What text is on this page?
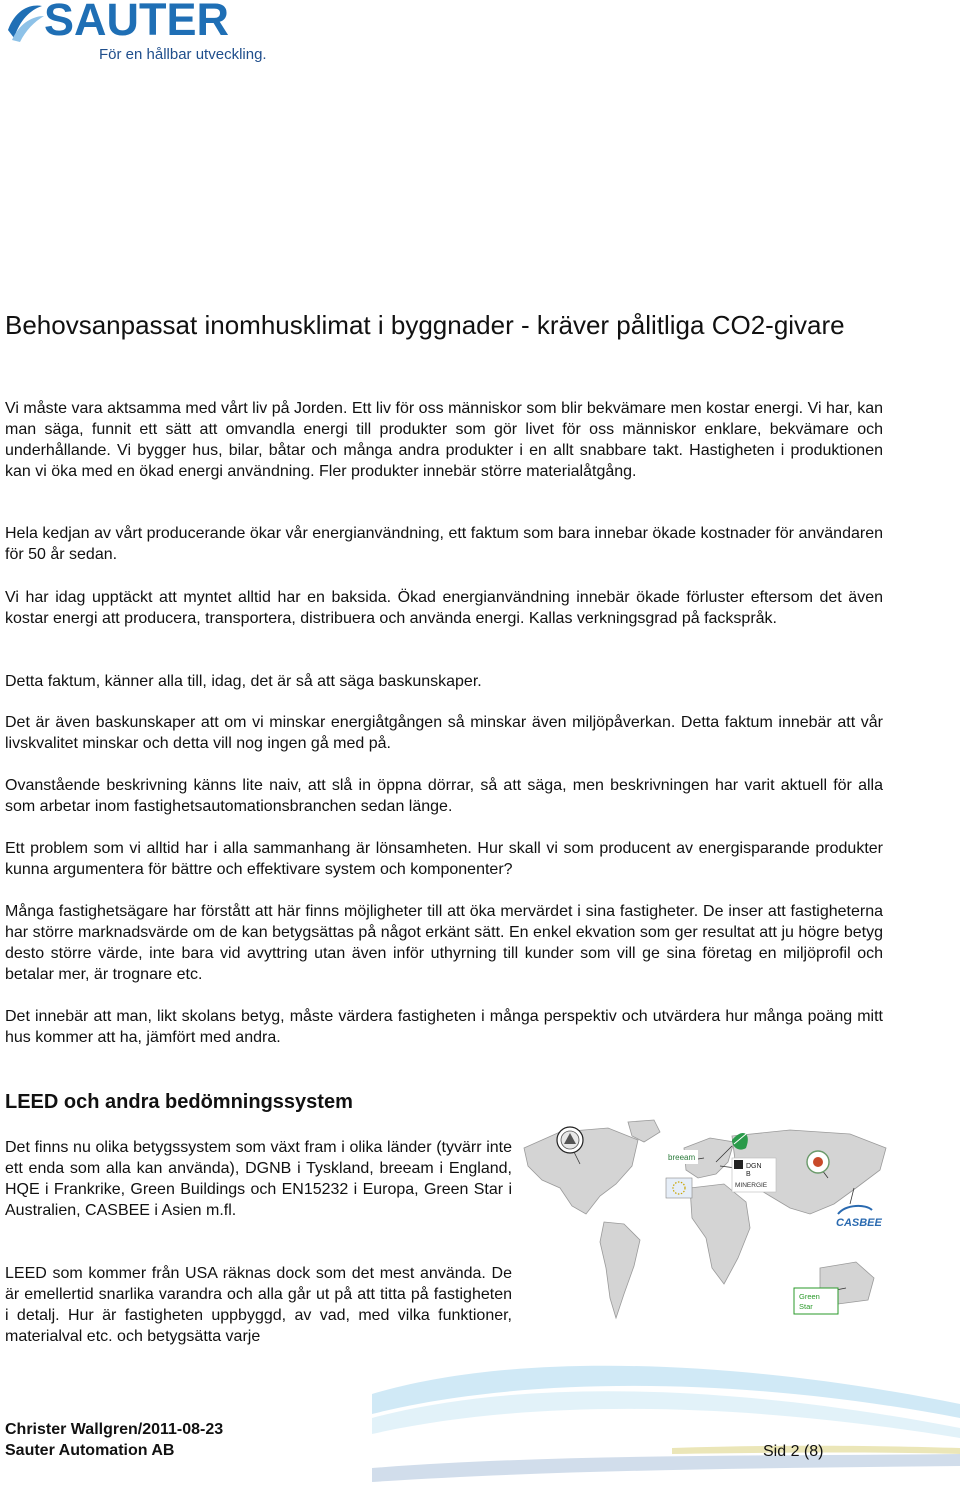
SAUTER
För en hållbar utveckling.
Behovsanpassat inomhusklimat i byggnader - kräver pålitliga CO2-givare

Vi måste vara aktsamma med vårt liv på Jorden. Ett liv för oss människor som blir bekvämare men kostar energi. Vi har, kan man säga, funnit ett sätt att omvandla energi till produkter som gör livet för oss människor enklare, bekvämare och underhållande. Vi bygger hus, bilar, båtar och många andra produkter i en allt snabbare takt. Hastigheten i produktionen kan vi öka med en ökad energi användning. Fler produkter innebär större materialåtgång.

Hela kedjan av vårt producerande ökar vår energianvändning, ett faktum som bara innebar ökade kostnader för användaren för 50 år sedan.

Vi har idag upptäckt att myntet alltid har en baksida. Ökad energianvändning innebär ökade förluster eftersom det även kostar energi att producera, transportera, distribuera och använda energi. Kallas verkningsgrad på fackspråk.

Detta faktum, känner alla till, idag, det är så att säga baskunskaper.

Det är även baskunskaper att om vi minskar energiåtgången så minskar även miljöpåverkan. Detta faktum innebär att vår livskvalitet minskar och detta vill nog ingen gå med på.

Ovanstående beskrivning känns lite naiv, att slå in öppna dörrar, så att säga, men beskrivningen har varit aktuell för alla som arbetar inom fastighetsautomationsbranchen sedan länge.

Ett problem som vi alltid har i alla sammanhang är lönsamheten. Hur skall vi som producent av energisparande produkter kunna argumentera för bättre och effektivare system och komponenter?

Många fastighetsägare har förstått att här finns möjligheter till att öka mervärdet i sina fastigheter. De inser att fastigheterna har större marknadsvärde om de kan betygsättas på något erkänt sätt. En enkel ekvation som ger resultat att ju högre betyg desto större värde, inte bara vid avyttring utan även inför uthyrning till kunder som vill ge sina företag en miljöprofil och betalar mer, är trognare etc.

Det innebär att man, likt skolans betyg, måste värdera fastigheten i många perspektiv och utvärdera hur många poäng mitt hus kommer att ha, jämfört med andra.

LEED och andra bedömningssystem

Det finns nu olika betygssystem som växt fram i olika länder (tyvärr inte ett enda som alla kan använda), DGNB i Tyskland, breeam i England, HQE i Frankrike, Green Buildings och EN15232 i Europa, Green Star i Australien, CASBEE i Asien m.fl.

LEED som kommer från USA räknas dock som det mest använda. De är emellertid snarlika varandra och alla går ut på att titta på fastigheten i detalj. Hur är fastigheten uppbyggd, av vad, med vilka funktioner, materialval etc. och betygsätta varje

breeam
DGN
B
MINERGIE
CASBEE
Green
Star
Christer Wallgren/2011-08-23
Sauter Automation AB	Sid 2 (8)
